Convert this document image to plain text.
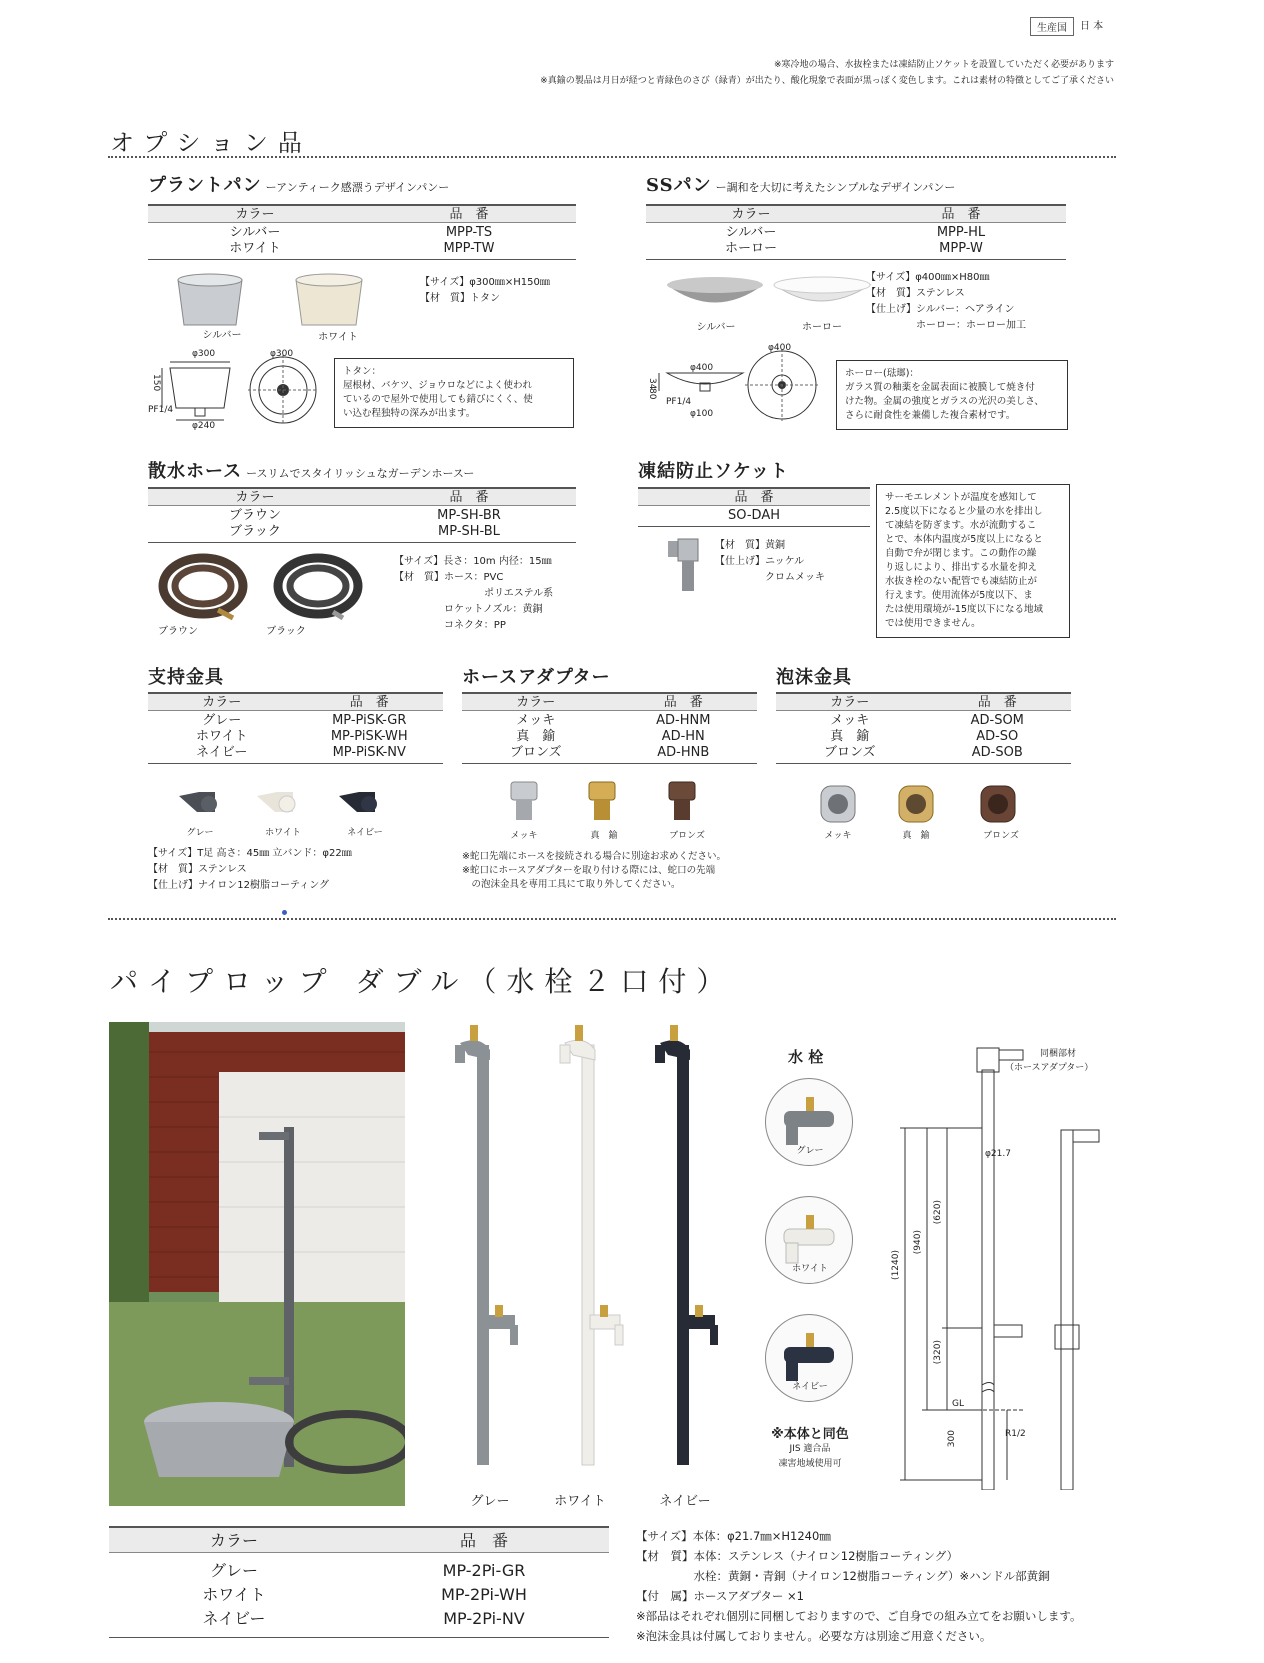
生産国	日 本
※寒冷地の場合、水抜栓または凍結防止ソケットを設置していただく必要があります
※真鍮の製品は月日が経つと青緑色のさび（緑青）が出たり、酸化現象で表面が黒っぽく変色します。これは素材の特徴としてご了承ください
オプション品
プラントパン ーアンティーク感漂うデザインパンー
カラー	品　番
シルバー	MPP-TS
ホワイト	MPP-TW
シルバー	ホワイト
【サイズ】φ300㎜×H150㎜
【材　質】トタン
φ300	φ300
150
PF1/4
φ240
トタン：
屋根材、バケツ、ジョウロなどによく使われ
ているので屋外で使用しても錆びにくく、使
い込む程独特の深みが出ます。
SSパン ー調和を大切に考えたシンプルなデザインパンー
カラー	品　番
シルバー	MPP-HL
ホーロー	MPP-W
シルバー	ホーロー
【サイズ】φ400㎜×H80㎜
【材　質】ステンレス
【仕上げ】シルバー：ヘアライン
　　　　　ホーロー：ホーロー加工
φ400
φ400
34
80
PF1/4
φ100
ホーロー(琺瑯)：
ガラス質の釉薬を金属表面に被膜して焼き付
けた物。金属の強度とガラスの光沢の美しさ、
さらに耐食性を兼備した複合素材です。
散水ホース ースリムでスタイリッシュなガーデンホースー
カラー	品　番
ブラウン	MP-SH-BR
ブラック	MP-SH-BL
ブラウン	ブラック
【サイズ】長さ：10m 内径：15㎜
【材　質】ホース：PVC
　　　　　　　　　ポリエステル系
　　　　　ロケットノズル：黄銅
　　　　　コネクタ：PP
凍結防止ソケット
品　番
SO-DAH
【材　質】黄銅
【仕上げ】ニッケル
　　　　　クロムメッキ
サーモエレメントが温度を感知して
2.5度以下になると少量の水を排出し
て凍結を防ぎます。水が流動するこ
とで、本体内温度が5度以上になると
自動で弁が閉じます。この動作の繰
り返しにより、排出する水量を抑え
水抜き栓のない配管でも凍結防止が
行えます。使用流体が5度以下、ま
たは使用環境が-15度以下になる地域
では使用できません。
支持金具
カラー	品　番
グレー	MP-PiSK-GR
ホワイト	MP-PiSK-WH
ネイビー	MP-PiSK-NV
グレー	ホワイト	ネイビー
【サイズ】T足 高さ：45㎜ 立バンド：φ22㎜
【材　質】ステンレス
【仕上げ】ナイロン12樹脂コーティング
ホースアダプター
カラー	品　番
メッキ	AD-HNM
真　鍮	AD-HN
ブロンズ	AD-HNB
メッキ	真　鍮	ブロンズ
※蛇口先端にホースを接続される場合に別途お求めください。
※蛇口にホースアダプターを取り付ける際には、蛇口の先端
　の泡沫金具を専用工具にて取り外してください。
泡沫金具
カラー	品　番
メッキ	AD-SOM
真　鍮	AD-SO
ブロンズ	AD-SOB
メッキ	真　鍮	ブロンズ
パイプロップ ダブル（水栓２口付）
グレー	ホワイト	ネイビー
水 栓
グレー
ホワイト
ネイビー
※本体と同色
JIS 適合品
凍害地域使用可
同梱部材
（ホースアダプター）
φ21.7
(1240)
(940)
(620)
(320)
300
GL
R1/2
カラー	品　番
グレー	MP-2Pi-GR
ホワイト	MP-2Pi-WH
ネイビー	MP-2Pi-NV
【サイズ】本体：φ21.7㎜×H1240㎜
【材　質】本体：ステンレス（ナイロン12樹脂コーティング）
　　　　　水栓：黄銅・青銅（ナイロン12樹脂コーティング）※ハンドル部黄銅
【付　属】ホースアダプター ×1
※部品はそれぞれ個別に同梱しておりますので、ご自身での組み立てをお願いします。
※泡沫金具は付属しておりません。必要な方は別途ご用意ください。
